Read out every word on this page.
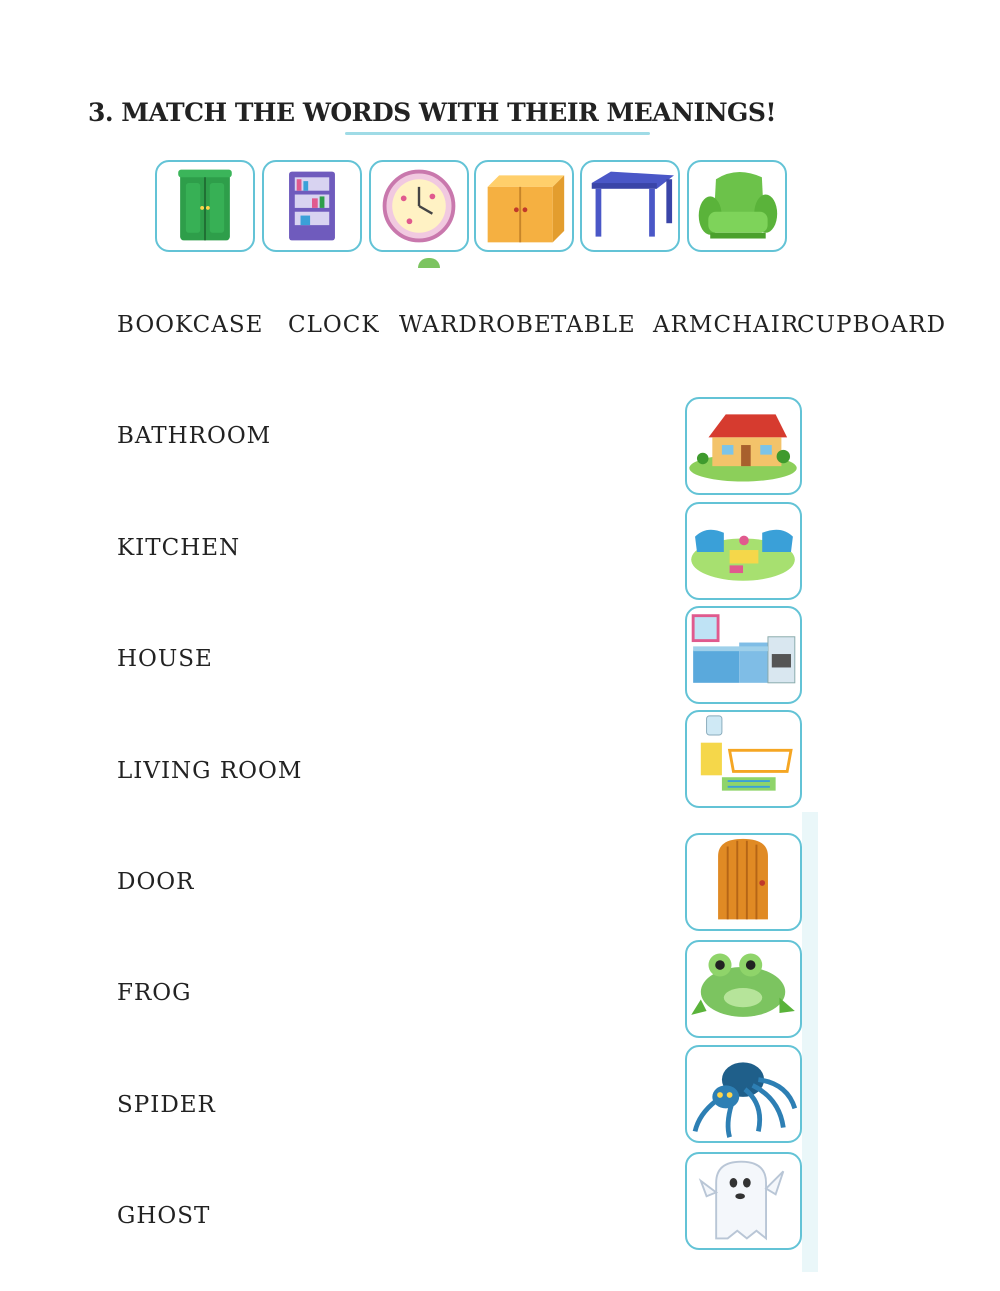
3. MATCH THE WORDS WITH THEIR MEANINGS!
BOOKCASE CLOCK WARDROBE TABLE ARMCHAIR
CUPBOARD
BATHROOM
KITCHEN
HOUSE
LIVING ROOM
DOOR
FROG
SPIDER
GHOST
